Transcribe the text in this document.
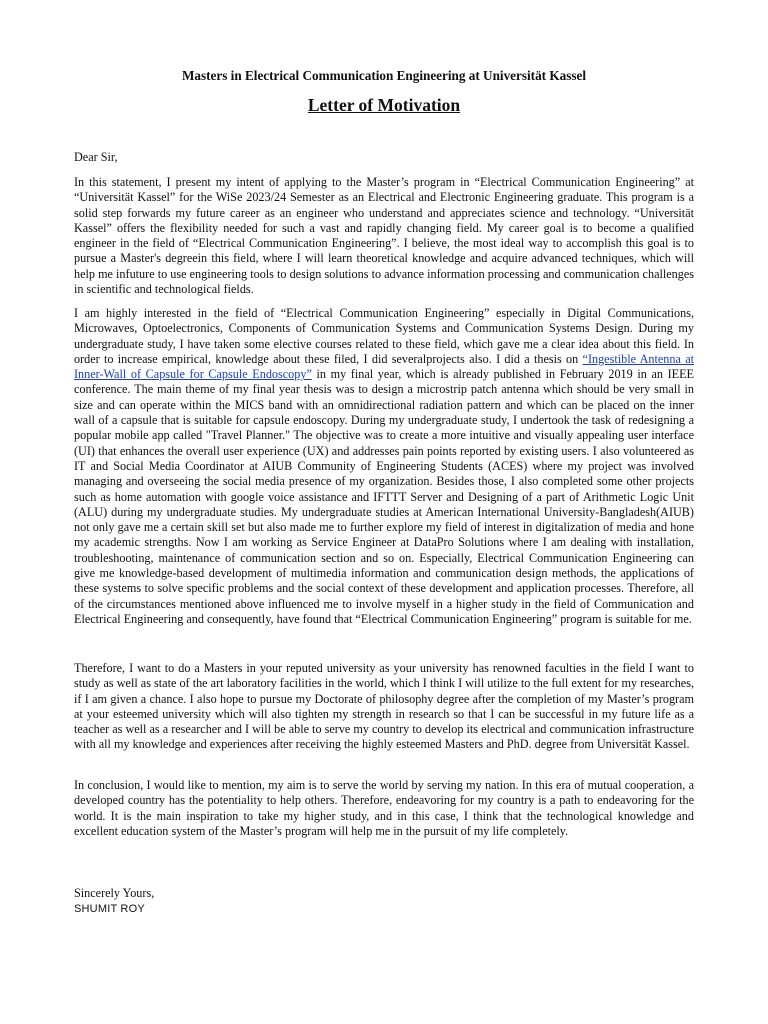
Masters in Electrical Communication Engineering at Universität Kassel
Letter of Motivation

Dear Sir,

In this statement, I present my intent of applying to the Master’s program in “Electrical Communication Engineering” at “Universität Kassel” for the WiSe 2023/24 Semester as an Electrical and Electronic Engineering graduate. This program is a solid step forwards my future career as an engineer who understand and appreciates science and technology. “Universität Kassel” offers the flexibility needed for such a vast and rapidly changing field. My career goal is to become a qualified engineer in the field of “Electrical Communication Engineering”. I believe, the most ideal way to accomplish this goal is to pursue a Master's degreein this field, where I will learn theoretical knowledge and acquire advanced techniques, which will help me infuture to use engineering tools to design solutions to advance information processing and communication challenges in scientific and technological fields.

I am highly interested in the field of “Electrical Communication Engineering” especially in Digital Communications, Microwaves, Optoelectronics, Components of Communication Systems and Communication Systems Design. During my undergraduate study, I have taken some elective courses related to these field, which gave me a clear idea about this field. In order to increase empirical, knowledge about these filed, I did severalprojects also. I did a thesis on “Ingestible Antenna at Inner-Wall of Capsule for Capsule Endoscopy” in my final year, which is already published in February 2019 in an IEEE conference. The main theme of my final year thesis was to design a microstrip patch antenna which should be very small in size and can operate within the MICS band with an omnidirectional radiation pattern and which can be placed on the inner wall of a capsule that is suitable for capsule endoscopy. During my undergraduate study, I undertook the task of redesigning a popular mobile app called "Travel Planner." The objective was to create a more intuitive and visually appealing user interface (UI) that enhances the overall user experience (UX) and addresses pain points reported by existing users. I also volunteered as IT and Social Media Coordinator at AIUB Community of Engineering Students (ACES) where my project was involved managing and overseeing the social media presence of my organization. Besides those, I also completed some other projects such as home automation with google voice assistance and IFTTT Server and Designing of a part of Arithmetic Logic Unit (ALU) during my undergraduate studies. My undergraduate studies at American International University-Bangladesh(AIUB) not only gave me a certain skill set but also made me to further explore my field of interest in digitalization of media and hone my academic strengths. Now I am working as Service Engineer at DataPro Solutions where I am dealing with installation, troubleshooting, maintenance of communication section and so on. Especially, Electrical Communication Engineering can give me knowledge-based development of multimedia information and communication design methods, the applications of these systems to solve specific problems and the social context of these development and application processes. Therefore, all of the circumstances mentioned above influenced me to involve myself in a higher study in the field of Communication and Electrical Engineering and consequently, have found that “Electrical Communication Engineering” program is suitable for me.

Therefore, I want to do a Masters in your reputed university as your university has renowned faculties in the field I want to study as well as state of the art laboratory facilities in the world, which I think I will utilize to the full extent for my researches, if I am given a chance. I also hope to pursue my Doctorate of philosophy degree after the completion of my Master’s program at your esteemed university which will also tighten my strength in research so that I can be successful in my future life as a teacher as well as a researcher and I will be able to serve my country to develop its electrical and communication infrastructure with all my knowledge and experiences after receiving the highly esteemed Masters and PhD. degree from Universität Kassel.

In conclusion, I would like to mention, my aim is to serve the world by serving my nation. In this era of mutual cooperation, a developed country has the potentiality to help others. Therefore, endeavoring for my country is a path to endeavoring for the world. It is the main inspiration to take my higher study, and in this case, I think that the technological knowledge and excellent education system of the Master’s program will help me in the pursuit of my life completely.

Sincerely Yours,

SHUMIT ROY
